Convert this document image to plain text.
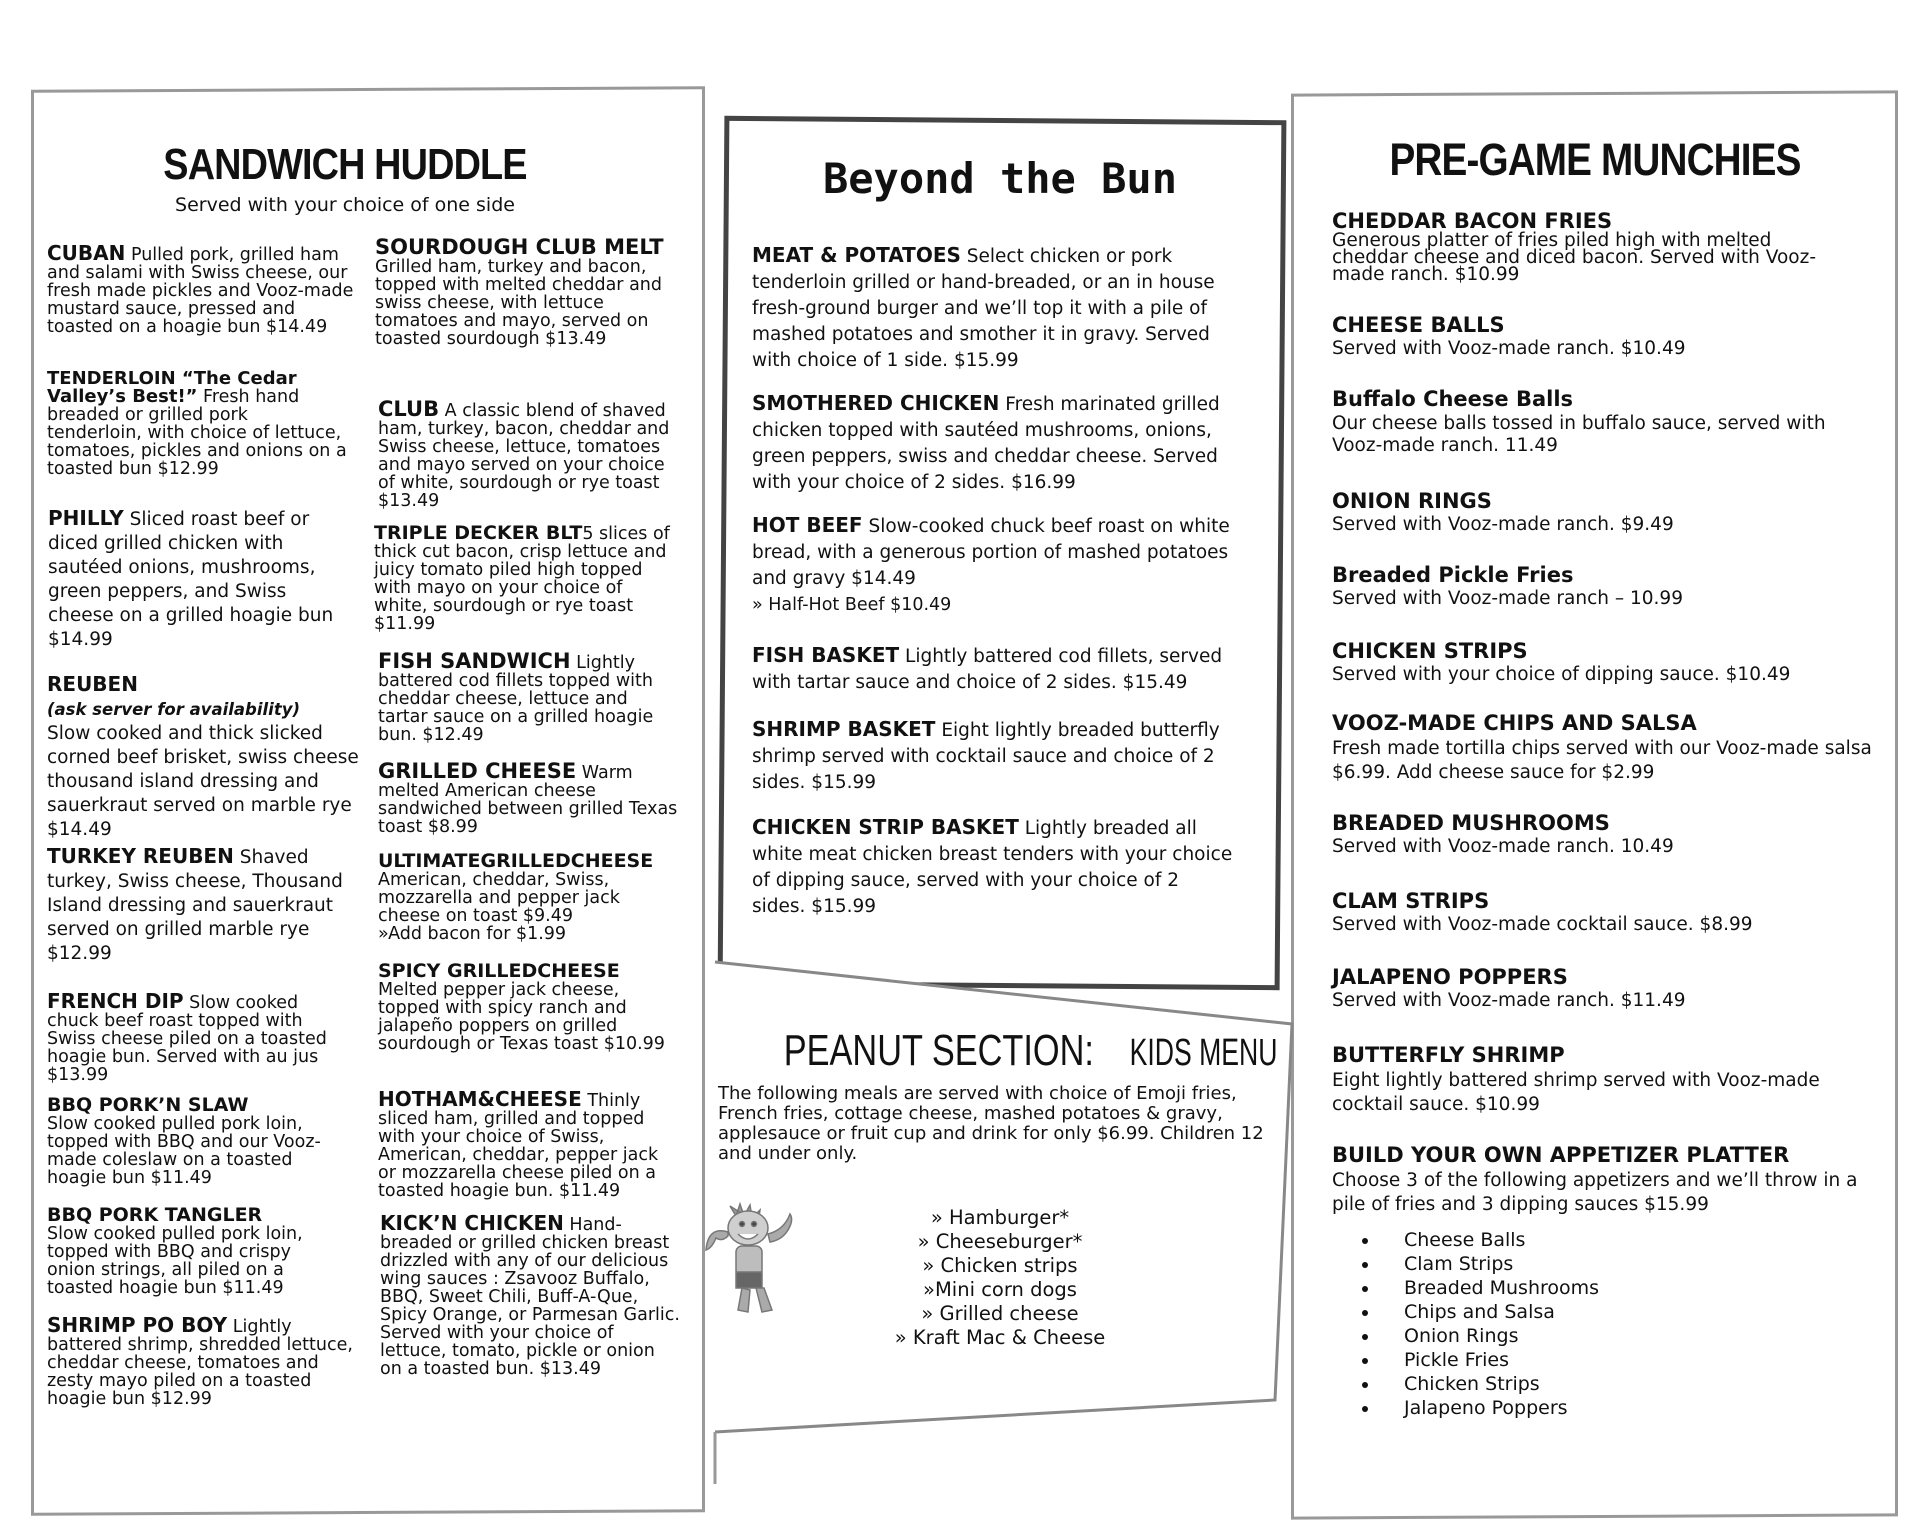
SANDWICH HUDDLE
Served with your choice of one side
CUBAN Pulled pork, grilled ham and salami with Swiss cheese, our fresh made pickles and Vooz-made mustard sauce, pressed and toasted on a hoagie bun $14.49
TENDERLOIN “The Cedar Valley’s Best!” Fresh hand breaded or grilled pork tenderloin, with choice of lettuce, tomatoes, pickles and onions on a toasted bun $12.99
PHILLY Sliced roast beef or diced grilled chicken with sautéed onions, mushrooms, green peppers, and Swiss cheese on a grilled hoagie bun $14.99
REUBEN
(ask server for availability)
Slow cooked and thick slicked corned beef brisket, swiss cheese thousand island dressing and sauerkraut served on marble rye $14.49
TURKEY REUBEN Shaved turkey, Swiss cheese, Thousand Island dressing and sauerkraut served on grilled marble rye $12.99
FRENCH DIP Slow cooked chuck beef roast topped with Swiss cheese piled on a toasted hoagie bun. Served with au jus $13.99
BBQ PORK’N SLAW
Slow cooked pulled pork loin, topped with BBQ and our Vooz-made coleslaw on a toasted hoagie bun $11.49
BBQ PORK TANGLER
Slow cooked pulled pork loin, topped with BBQ and crispy onion strings, all piled on a toasted hoagie bun $11.49
SHRIMP PO BOY Lightly battered shrimp, shredded lettuce, cheddar cheese, tomatoes and zesty mayo piled on a toasted hoagie bun $12.99
SOURDOUGH CLUB MELT Grilled ham, turkey and bacon, topped with melted cheddar and swiss cheese, with lettuce tomatoes and mayo, served on toasted sourdough $13.49
CLUB A classic blend of shaved ham, turkey, bacon, cheddar and Swiss cheese, lettuce, tomatoes and mayo served on your choice of white, sourdough or rye toast $13.49
TRIPLE DECKER BLT5 slices of thick cut bacon, crisp lettuce and juicy tomato piled high topped with mayo on your choice of white, sourdough or rye toast $11.99
FISH SANDWICH Lightly battered cod fillets topped with cheddar cheese, lettuce and tartar sauce on a grilled hoagie bun. $12.49
GRILLED CHEESE Warm melted American cheese sandwiched between grilled Texas toast $8.99
ULTIMATEGRILLEDCHEESE
American, cheddar, Swiss, mozzarella and pepper jack cheese on toast $9.49
»Add bacon for $1.99
SPICY GRILLEDCHEESE
Melted pepper jack cheese, topped with spicy ranch and jalapeño poppers on grilled sourdough or Texas toast $10.99
HOTHAM&CHEESE Thinly sliced ham, grilled and topped with your choice of Swiss, American, cheddar, pepper jack or mozzarella cheese piled on a toasted hoagie bun. $11.49
KICK’N CHICKEN Hand-breaded or grilled chicken breast drizzled with any of our delicious wing sauces : Zsavooz Buffalo, BBQ, Sweet Chili, Buff-A-Que, Spicy Orange, or Parmesan Garlic. Served with your choice of lettuce, tomato, pickle or onion on a toasted bun. $13.49
Beyond the Bun
MEAT & POTATOES Select chicken or pork tenderloin grilled or hand-breaded, or an in house fresh-ground burger and we’ll top it with a pile of mashed potatoes and smother it in gravy. Served with choice of 1 side. $15.99
SMOTHERED CHICKEN Fresh marinated grilled chicken topped with sautéed mushrooms, onions, green peppers, swiss and cheddar cheese. Served with your choice of 2 sides. $16.99
HOT BEEF Slow-cooked chuck beef roast on white bread, with a generous portion of mashed potatoes and gravy $14.49
» Half-Hot Beef $10.49
FISH BASKET Lightly battered cod fillets, served with tartar sauce and choice of 2 sides. $15.49
SHRIMP BASKET Eight lightly breaded butterfly shrimp served with cocktail sauce and choice of 2 sides. $15.99
CHICKEN STRIP BASKET Lightly breaded all white meat chicken breast tenders with your choice of dipping sauce, served with your choice of 2 sides. $15.99
PEANUT SECTION:KIDS MENU
The following meals are served with choice of Emoji fries, French fries, cottage cheese, mashed potatoes & gravy, applesauce or fruit cup and drink for only $6.99. Children 12 and under only.
» Hamburger*
» Cheeseburger*
» Chicken strips
»Mini corn dogs
» Grilled cheese
» Kraft Mac & Cheese
PRE-GAME MUNCHIES
CHEDDAR BACON FRIES
Generous platter of fries piled high with melted cheddar cheese and diced bacon. Served with Vooz-made ranch. $10.99
CHEESE BALLS
Served with Vooz-made ranch. $10.49
Buffalo Cheese Balls
Our cheese balls tossed in buffalo sauce, served with Vooz-made ranch. 11.49
ONION RINGS
Served with Vooz-made ranch. $9.49
Breaded Pickle Fries
Served with Vooz-made ranch – 10.99
CHICKEN STRIPS
Served with your choice of dipping sauce. $10.49
VOOZ-MADE CHIPS AND SALSA
Fresh made tortilla chips served with our Vooz-made salsa $6.99. Add cheese sauce for $2.99
BREADED MUSHROOMS
Served with Vooz-made ranch. 10.49
CLAM STRIPS
Served with Vooz-made cocktail sauce. $8.99
JALAPENO POPPERS
Served with Vooz-made ranch. $11.49
BUTTERFLY SHRIMP
Eight lightly battered shrimp served with Vooz-made cocktail sauce. $10.99
BUILD YOUR OWN APPETIZER PLATTER
Choose 3 of the following appetizers and we’ll throw in a pile of fries and 3 dipping sauces $15.99
• Cheese Balls
• Clam Strips
• Breaded Mushrooms
• Chips and Salsa
• Onion Rings
• Pickle Fries
• Chicken Strips
• Jalapeno Poppers
